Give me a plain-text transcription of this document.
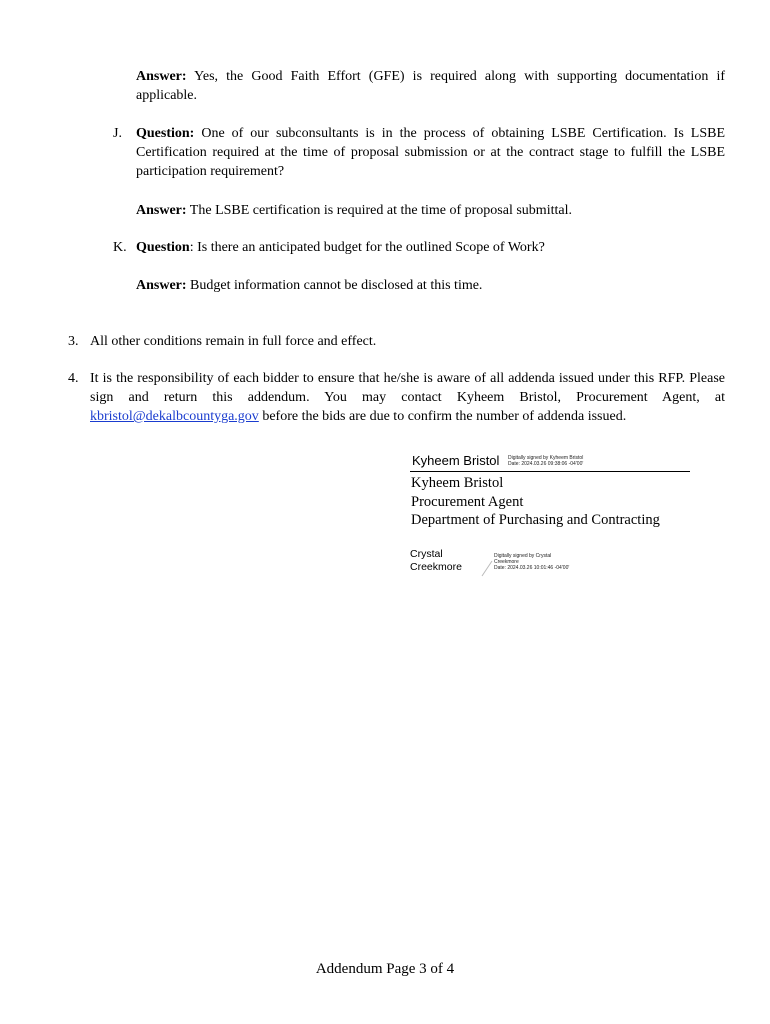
Answer: Yes, the Good Faith Effort (GFE) is required along with supporting documentation if applicable.
J. Question: One of our subconsultants is in the process of obtaining LSBE Certification. Is LSBE Certification required at the time of proposal submission or at the contract stage to fulfill the LSBE participation requirement?
Answer: The LSBE certification is required at the time of proposal submittal.
K. Question: Is there an anticipated budget for the outlined Scope of Work?
Answer: Budget information cannot be disclosed at this time.
3. All other conditions remain in full force and effect.
4. It is the responsibility of each bidder to ensure that he/she is aware of all addenda issued under this RFP. Please sign and return this addendum. You may contact Kyheem Bristol, Procurement Agent, at kbristol@dekalbcountyga.gov before the bids are due to confirm the number of addenda issued.
Kyheem Bristol Digitally signed by Kyheem Bristol
Date: 2024.03.26 09:38:06 -04'00'
Kyheem Bristol
Procurement Agent
Department of Purchasing and Contracting
Crystal
Creekmore
Digitally signed by Crystal
Creekmore
Date: 2024.03.26 10:01:46 -04'00'
Addendum Page 3 of 4
